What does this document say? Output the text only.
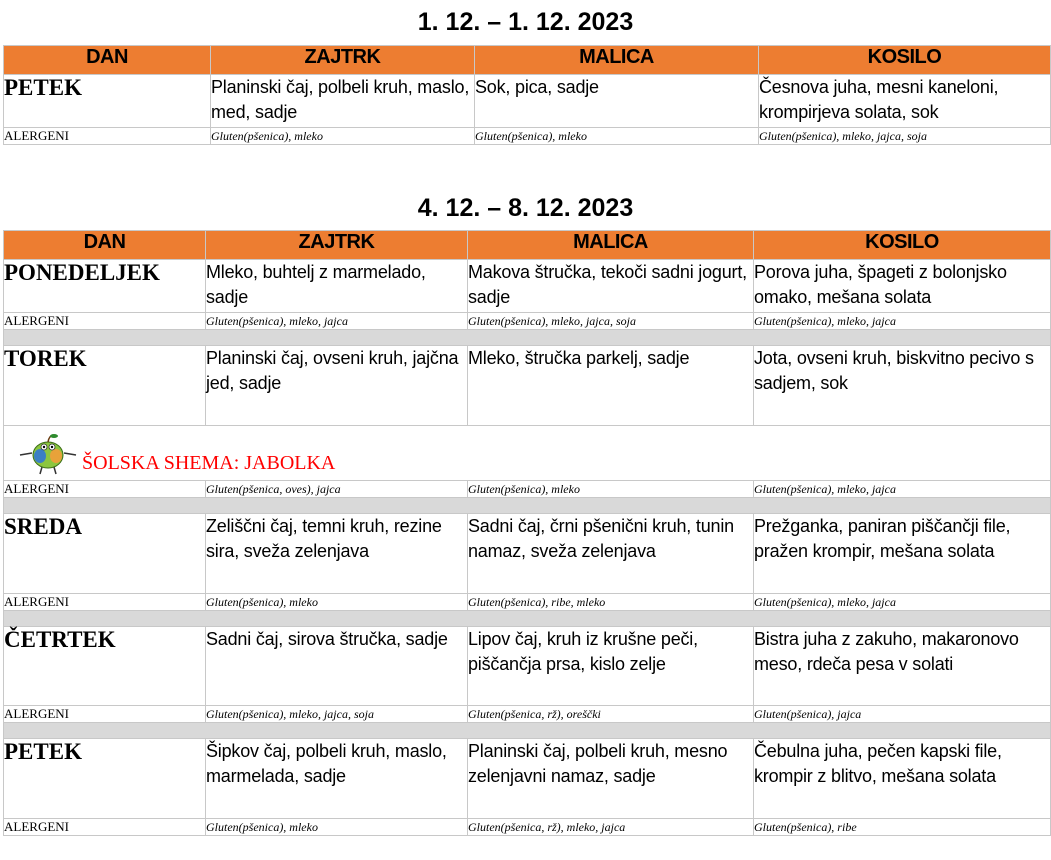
1. 12. – 1. 12. 2023
DAN	ZAJTRK	MALICA	KOSILO
PETEK	Planinski čaj, polbeli kruh, maslo, med, sadje	Sok, pica, sadje	Česnova juha, mesni kaneloni, krompirjeva solata, sok
ALERGENI	Gluten(pšenica), mleko	Gluten(pšenica), mleko	Gluten(pšenica), mleko, jajca, soja
4. 12. – 8. 12. 2023
DAN	ZAJTRK	MALICA	KOSILO
PONEDELJEK	Mleko, buhtelj z marmelado, sadje	Makova štručka, tekoči sadni jogurt, sadje	Porova juha, špageti z bolonjsko omako, mešana solata
ALERGENI	Gluten(pšenica), mleko, jajca	Gluten(pšenica), mleko, jajca, soja	Gluten(pšenica), mleko, jajca

TOREK	Planinski čaj, ovseni kruh, jajčna jed, sadje	Mleko, štručka parkelj, sadje	Jota, ovseni kruh, biskvitno pecivo s sadjem, sok
ŠOLSKA SHEMA: JABOLKA			
ALERGENI	Gluten(pšenica, oves), jajca	Gluten(pšenica), mleko	Gluten(pšenica), mleko, jajca

SREDA	Zeliščni čaj, temni kruh, rezine sira, sveža zelenjava	Sadni čaj, črni pšenični kruh, tunin namaz, sveža zelenjava	Prežganka, paniran piščančji file, pražen krompir, mešana solata
ALERGENI	Gluten(pšenica), mleko	Gluten(pšenica), ribe, mleko	Gluten(pšenica), mleko, jajca

ČETRTEK	Sadni čaj, sirova štručka, sadje	Lipov čaj, kruh iz krušne peči, piščančja prsa, kislo zelje	Bistra juha z zakuho, makaronovo meso, rdeča pesa v solati
ALERGENI	Gluten(pšenica), mleko, jajca, soja	Gluten(pšenica, rž), oreščki	Gluten(pšenica), jajca

PETEK	Šipkov čaj, polbeli kruh, maslo, marmelada, sadje	Planinski čaj, polbeli kruh, mesno zelenjavni namaz, sadje	Čebulna juha, pečen kapski file, krompir z blitvo, mešana solata
ALERGENI	Gluten(pšenica), mleko	Gluten(pšenica, rž), mleko, jajca	Gluten(pšenica), ribe
